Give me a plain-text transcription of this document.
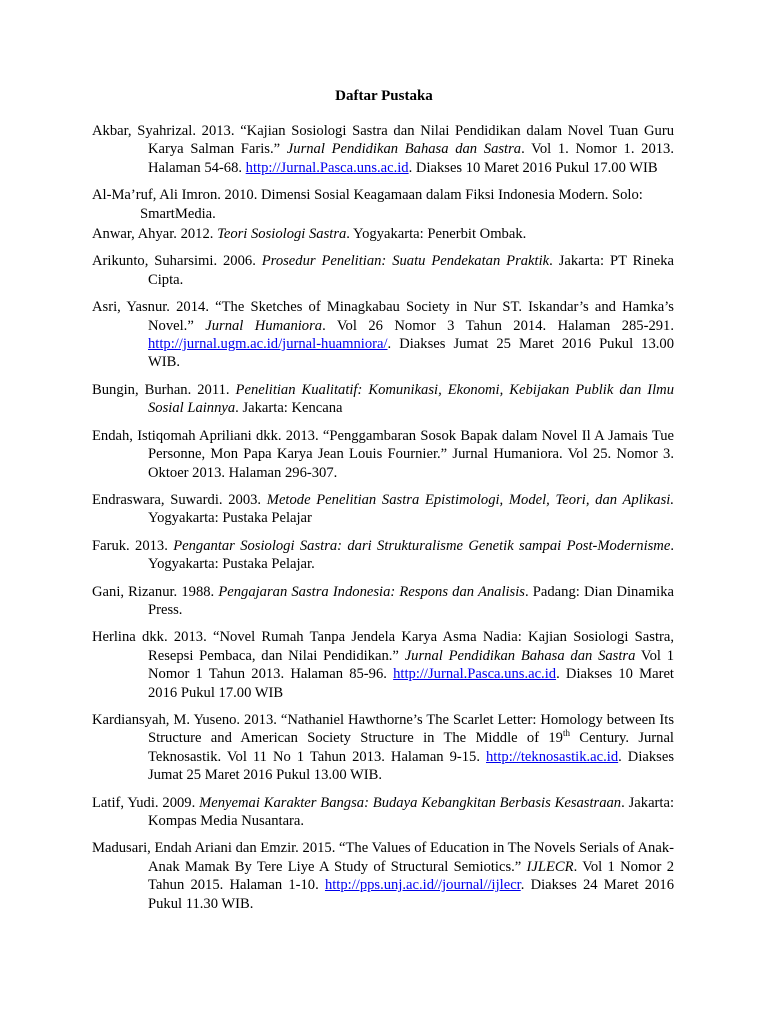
Daftar Pustaka
Akbar, Syahrizal. 2013. “Kajian Sosiologi Sastra dan Nilai Pendidikan dalam Novel Tuan Guru Karya Salman Faris.” Jurnal Pendidikan Bahasa dan Sastra. Vol 1. Nomor 1. 2013. Halaman 54-68. http://Jurnal.Pasca.uns.ac.id. Diakses 10 Maret 2016 Pukul 17.00 WIB
Al-Ma’ruf, Ali Imron. 2010. Dimensi Sosial Keagamaan dalam Fiksi Indonesia Modern. Solo: SmartMedia.
Anwar, Ahyar. 2012. Teori Sosiologi Sastra. Yogyakarta: Penerbit Ombak.
Arikunto, Suharsimi. 2006. Prosedur Penelitian: Suatu Pendekatan Praktik. Jakarta: PT Rineka Cipta.
Asri, Yasnur. 2014. “The Sketches of Minagkabau Society in Nur ST. Iskandar’s and Hamka’s Novel.” Jurnal Humaniora. Vol 26 Nomor 3 Tahun 2014. Halaman 285-291. http://jurnal.ugm.ac.id/jurnal-huamniora/. Diakses Jumat 25 Maret 2016 Pukul 13.00 WIB.
Bungin, Burhan. 2011. Penelitian Kualitatif: Komunikasi, Ekonomi, Kebijakan Publik dan Ilmu Sosial Lainnya. Jakarta: Kencana
Endah, Istiqomah Apriliani dkk. 2013. “Penggambaran Sosok Bapak dalam Novel Il A Jamais Tue Personne, Mon Papa Karya Jean Louis Fournier.” Jurnal Humaniora. Vol 25. Nomor 3. Oktoer 2013. Halaman 296-307.
Endraswara, Suwardi. 2003. Metode Penelitian Sastra Epistimologi, Model, Teori, dan Aplikasi. Yogyakarta: Pustaka Pelajar
Faruk. 2013. Pengantar Sosiologi Sastra: dari Strukturalisme Genetik sampai Post-Modernisme. Yogyakarta: Pustaka Pelajar.
Gani, Rizanur. 1988. Pengajaran Sastra Indonesia: Respons dan Analisis. Padang: Dian Dinamika Press.
Herlina dkk. 2013. “Novel Rumah Tanpa Jendela Karya Asma Nadia: Kajian Sosiologi Sastra, Resepsi Pembaca, dan Nilai Pendidikan.” Jurnal Pendidikan Bahasa dan Sastra Vol 1 Nomor 1 Tahun 2013. Halaman 85-96. http://Jurnal.Pasca.uns.ac.id. Diakses 10 Maret 2016 Pukul 17.00 WIB
Kardiansyah, M. Yuseno. 2013. “Nathaniel Hawthorne’s The Scarlet Letter: Homology between Its Structure and American Society Structure in The Middle of 19th Century. Jurnal Teknosastik. Vol 11 No 1 Tahun 2013. Halaman 9-15. http://teknosastik.ac.id. Diakses Jumat 25 Maret 2016 Pukul 13.00 WIB.
Latif, Yudi. 2009. Menyemai Karakter Bangsa: Budaya Kebangkitan Berbasis Kesastraan. Jakarta: Kompas Media Nusantara.
Madusari, Endah Ariani dan Emzir. 2015. “The Values of Education in The Novels Serials of Anak-Anak Mamak By Tere Liye A Study of Structural Semiotics.” IJLECR. Vol 1 Nomor 2 Tahun 2015. Halaman 1-10. http://pps.unj.ac.id//journal//ijlecr. Diakses 24 Maret 2016 Pukul 11.30 WIB.
